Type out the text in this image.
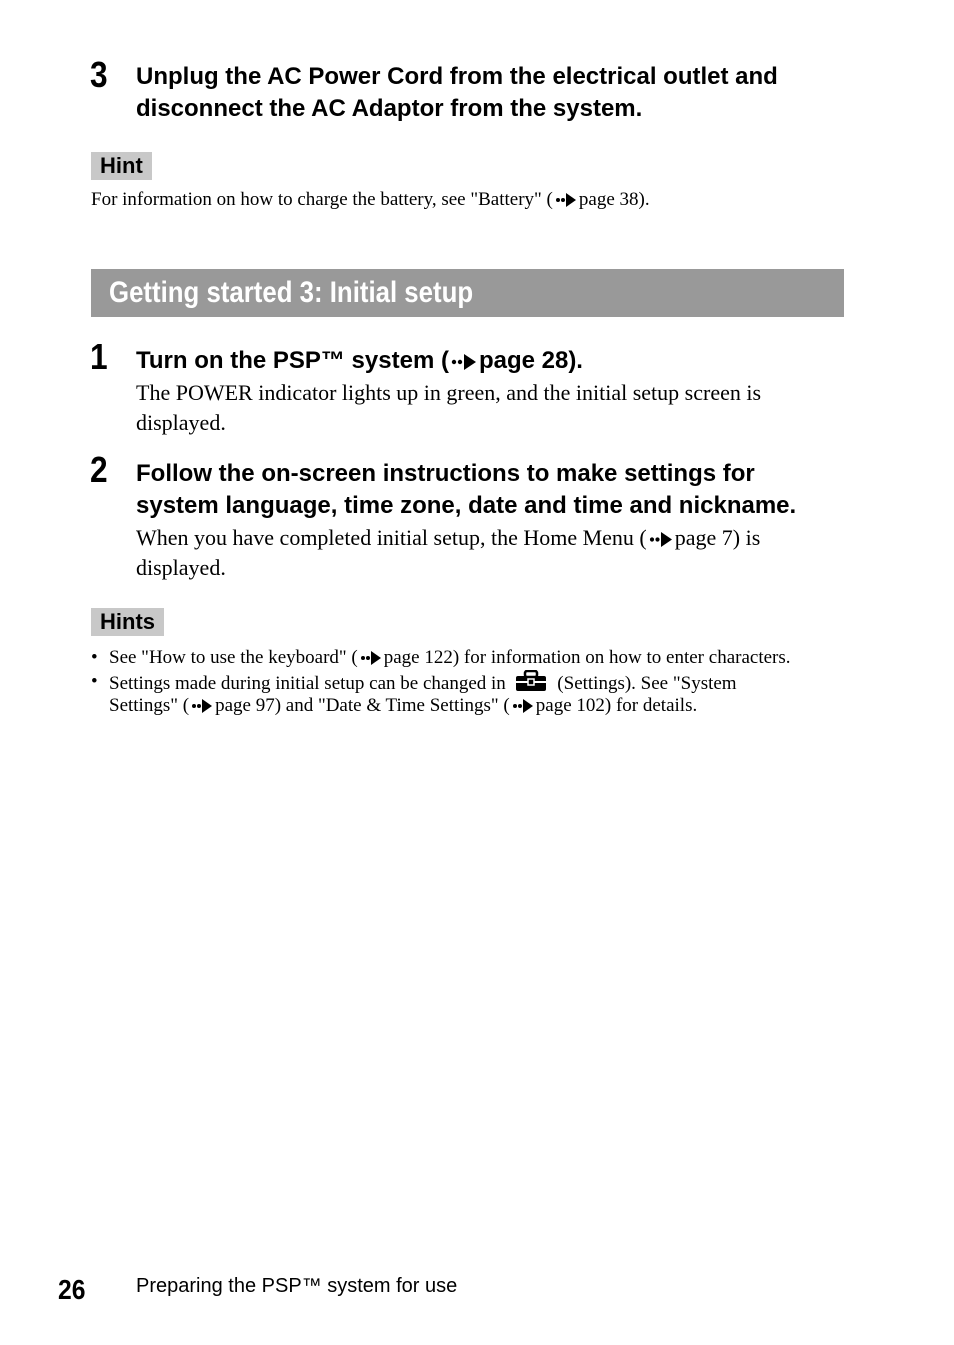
3 Unplug the AC Power Cord from the electrical outlet and
disconnect the AC Adaptor from the system.
Hint
For information on how to charge the battery, see "Battery" ( page 38).
Getting started 3: Initial setup
1 Turn on the PSP™ system ( page 28).
The POWER indicator lights up in green, and the initial setup screen is
displayed.
2 Follow the on-screen instructions to make settings for
system language, time zone, date and time and nickname.
When you have completed initial setup, the Home Menu ( page 7) is
displayed.
Hints
• See "How to use the keyboard" ( page 122) for information on how to enter characters.
• Settings made during initial setup can be changed in	(Settings). See "System
Settings" ( page 97) and "Date & Time Settings" ( page 102) for details.
26	Preparing the PSP™ system for use
